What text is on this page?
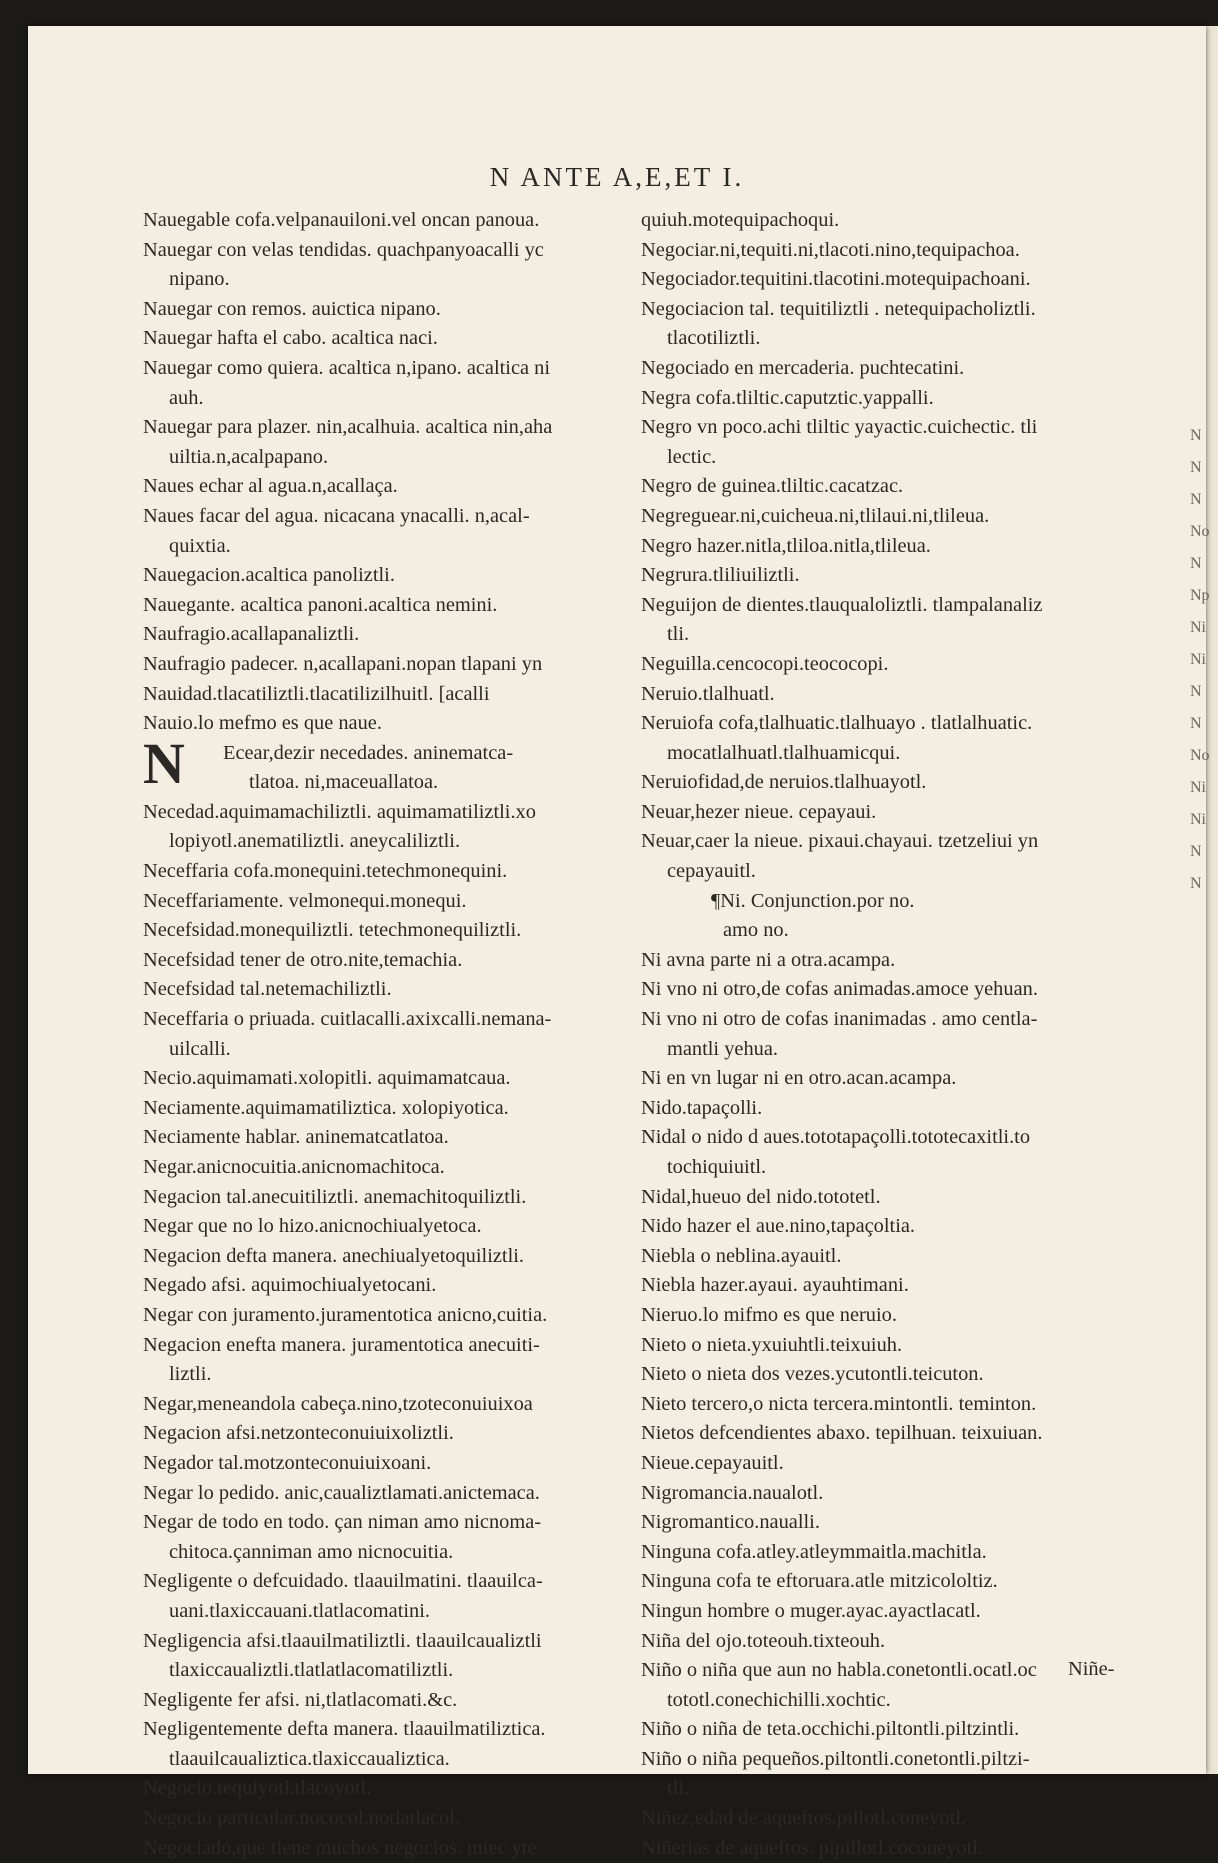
N ANTE A,E,ET I.
Nauegable cofa.velpanauiloni.vel oncan panoua.
Nauegar con velas tendidas. quachpanyoacalli yc
nipano.
Nauegar con remos. auictica nipano.
Nauegar hafta el cabo. acaltica naci.
Nauegar como quiera. acaltica n,ipano. acaltica ni
auh.
Nauegar para plazer. nin,acalhuia. acaltica nin,aha
uiltia.n,acalpapano.
Naues echar al agua.n,acallaça.
Naues facar del agua. nicacana ynacalli. n,acal-
quixtia.
Nauegacion.acaltica panoliztli.
Nauegante. acaltica panoni.acaltica nemini.
Naufragio.acallapanaliztli.
Naufragio padecer. n,acallapani.nopan tlapani yn
Nauidad.tlacatiliztli.tlacatilizilhuitl. [acalli
Nauio.lo mefmo es que naue.
N Ecear,dezir necedades. aninematca-
tlatoa. ni,maceuallatoa.
Necedad.aquimamachiliztli. aquimamatiliztli.xo
lopiyotl.anematiliztli. aneycaliliztli.
Neceffaria cofa.monequini.tetechmonequini.
Neceffariamente. velmonequi.monequi.
Necefsidad.monequiliztli. tetechmonequiliztli.
Necefsidad tener de otro.nite,temachia.
Necefsidad tal.netemachiliztli.
Neceffaria o priuada. cuitlacalli.axixcalli.nemana-
uilcalli.
Necio.aquimamati.xolopitli. aquimamatcaua.
Neciamente.aquimamatiliztica. xolopiyotica.
Neciamente hablar. aninematcatlatoa.
Negar.anicnocuitia.anicnomachitoca.
Negacion tal.anecuitiliztli. anemachitoquiliztli.
Negar que no lo hizo.anicnochiualyetoca.
Negacion defta manera. anechiualyetoquiliztli.
Negado afsi. aquimochiualyetocani.
Negar con juramento.juramentotica anicno,cuitia.
Negacion enefta manera. juramentotica anecuiti-
liztli.
Negar,meneandola cabeça.nino,tzoteconuiuixoa
Negacion afsi.netzonteconuiuixoliztli.
Negador tal.motzonteconuiuixoani.
Negar lo pedido. anic,caualiztlamati.anictemaca.
Negar de todo en todo. çan niman amo nicnoma-
chitoca.çanniman amo nicnocuitia.
Negligente o defcuidado. tlaauilmatini. tlaauilca-
uani.tlaxiccauani.tlatlacomatini.
Negligencia afsi.tlaauilmatiliztli. tlaauilcaualiztli
tlaxiccaualiztli.tlatlatlacomatiliztli.
Negligente fer afsi. ni,tlatlacomati.&c.
Negligentemente defta manera. tlaauilmatiliztica.
tlaauilcaualiztica.tlaxiccaualiztica.
Negocio.tequiyotl.tlacoyotl.
Negocio particular.nococol.notlatlacol.
Negociado,que tiene muchos negocios. miec yte
quiuh.motequipachoqui.
Negociar.ni,tequiti.ni,tlacoti.nino,tequipachoa.
Negociador.tequitini.tlacotini.motequipachoani.
Negociacion tal. tequitiliztli . netequipacholiztli.
tlacotiliztli.
Negociado en mercaderia. puchtecatini.
Negra cofa.tliltic.caputztic.yappalli.
Negro vn poco.achi tliltic yayactic.cuichectic. tli
lectic.
Negro de guinea.tliltic.cacatzac.
Negreguear.ni,cuicheua.ni,tlilaui.ni,tlileua.
Negro hazer.nitla,tliloa.nitla,tlileua.
Negrura.tliliuiliztli.
Neguijon de dientes.tlauqualoliztli. tlampalanaliz
tli.
Neguilla.cencocopi.teococopi.
Neruio.tlalhuatl.
Neruiofa cofa,tlalhuatic.tlalhuayo . tlatlalhuatic.
mocatlalhuatl.tlalhuamicqui.
Neruiofidad,de neruios.tlalhuayotl.
Neuar,hezer nieue. cepayaui.
Neuar,caer la nieue. pixaui.chayaui. tzetzeliui yn
cepayauitl.
¶Ni. Conjunction.por no.
amo no.
Ni avna parte ni a otra.acampa.
Ni vno ni otro,de cofas animadas.amoce yehuan.
Ni vno ni otro de cofas inanimadas . amo centla-
mantli yehua.
Ni en vn lugar ni en otro.acan.acampa.
Nido.tapaçolli.
Nidal o nido d aues.tototapaçolli.tototecaxitli.to
tochiquiuitl.
Nidal,hueuo del nido.tototetl.
Nido hazer el aue.nino,tapaçoltia.
Niebla o neblina.ayauitl.
Niebla hazer.ayaui. ayauhtimani.
Nieruo.lo mifmo es que neruio.
Nieto o nieta.yxuiuhtli.teixuiuh.
Nieto o nieta dos vezes.ycutontli.teicuton.
Nieto tercero,o nicta tercera.mintontli. teminton.
Nietos defcendientes abaxo. tepilhuan. teixuiuan.
Nieue.cepayauitl.
Nigromancia.naualotl.
Nigromantico.naualli.
Ninguna cofa.atley.atleymmaitla.machitla.
Ninguna cofa te eftoruara.atle mitzicololtiz.
Ningun hombre o muger.ayac.ayactlacatl.
Niña del ojo.toteouh.tixteouh.
Niño o niña que aun no habla.conetontli.ocatl.oc
tototl.conechichilli.xochtic.
Niño o niña de teta.occhichi.piltontli.piltzintli.
Niño o niña pequeños.piltontli.conetontli.piltzi-
tli.
Niñez,edad de aqueftos.pillotl.coneyotl.
Niñerias de aqueftos. pipillotl.coconeyotl.
Niñe-
N
N
N
No
N
Np
Ni
Ni
N
N
No
Ni
Ni
N
N
